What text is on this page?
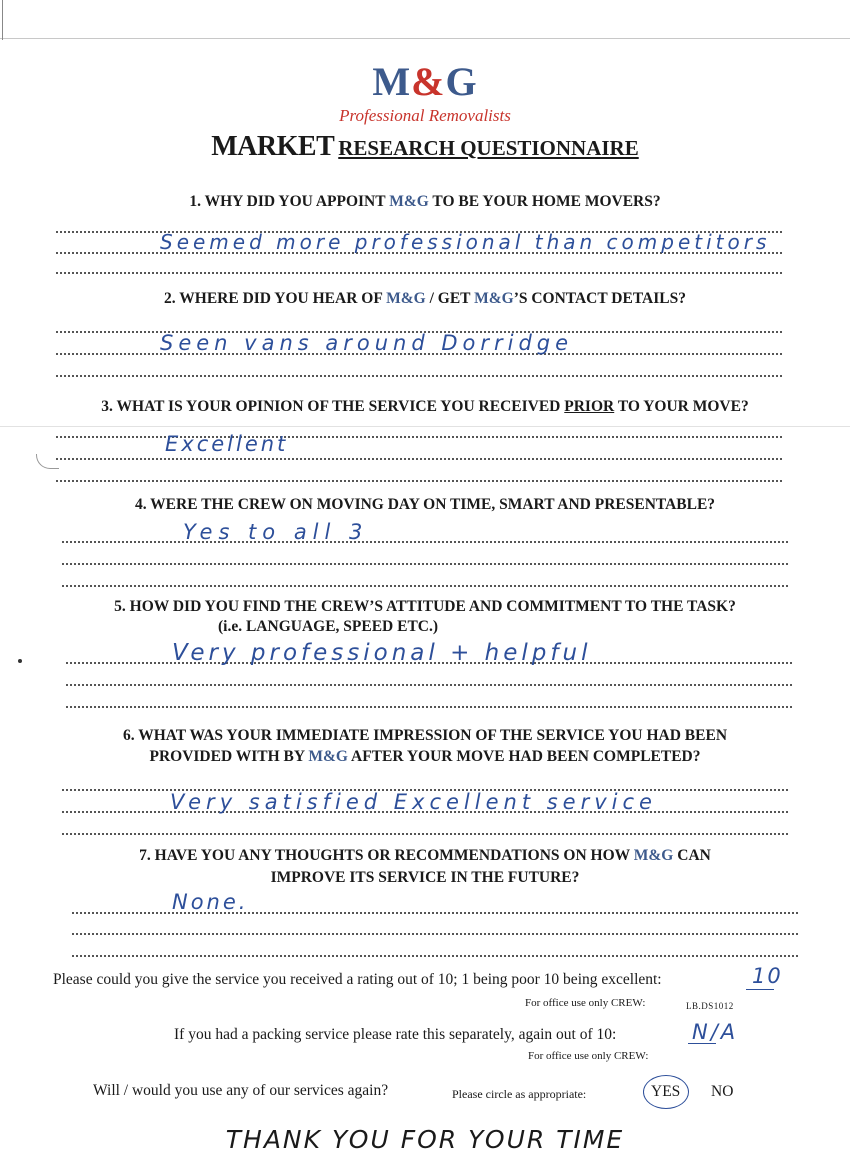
M&G
Professional Removalists
MARKET RESEARCH QUESTIONNAIRE
1. WHY DID YOU APPOINT M&G TO BE YOUR HOME MOVERS?
Seemed more professional than competitors
2. WHERE DID YOU HEAR OF M&G / GET M&G’S CONTACT DETAILS?
Seen vans around Dorridge
3. WHAT IS YOUR OPINION OF THE SERVICE YOU RECEIVED PRIOR TO YOUR MOVE?
Excellent
4. WERE THE CREW ON MOVING DAY ON TIME, SMART AND PRESENTABLE?
Yes to all 3
5. HOW DID YOU FIND THE CREW’S ATTITUDE AND COMMITMENT TO THE TASK?
(i.e. LANGUAGE, SPEED ETC.)
Very professional + helpful
6. WHAT WAS YOUR IMMEDIATE IMPRESSION OF THE SERVICE YOU HAD BEEN
PROVIDED WITH BY M&G AFTER YOUR MOVE HAD BEEN COMPLETED?
Very satisfied Excellent service
7. HAVE YOU ANY THOUGHTS OR RECOMMENDATIONS ON HOW M&G CAN
IMPROVE ITS SERVICE IN THE FUTURE?
None.
Please could you give the service you received a rating out of 10; 1 being poor 10 being excellent:	10
For office use only CREW:	LB.DS1012
If you had a packing service please rate this separately, again out of 10:	N/A
For office use only CREW:
Will / would you use any of our services again?	Please circle as appropriate:	YES NO
THANK YOU FOR YOUR TIME
